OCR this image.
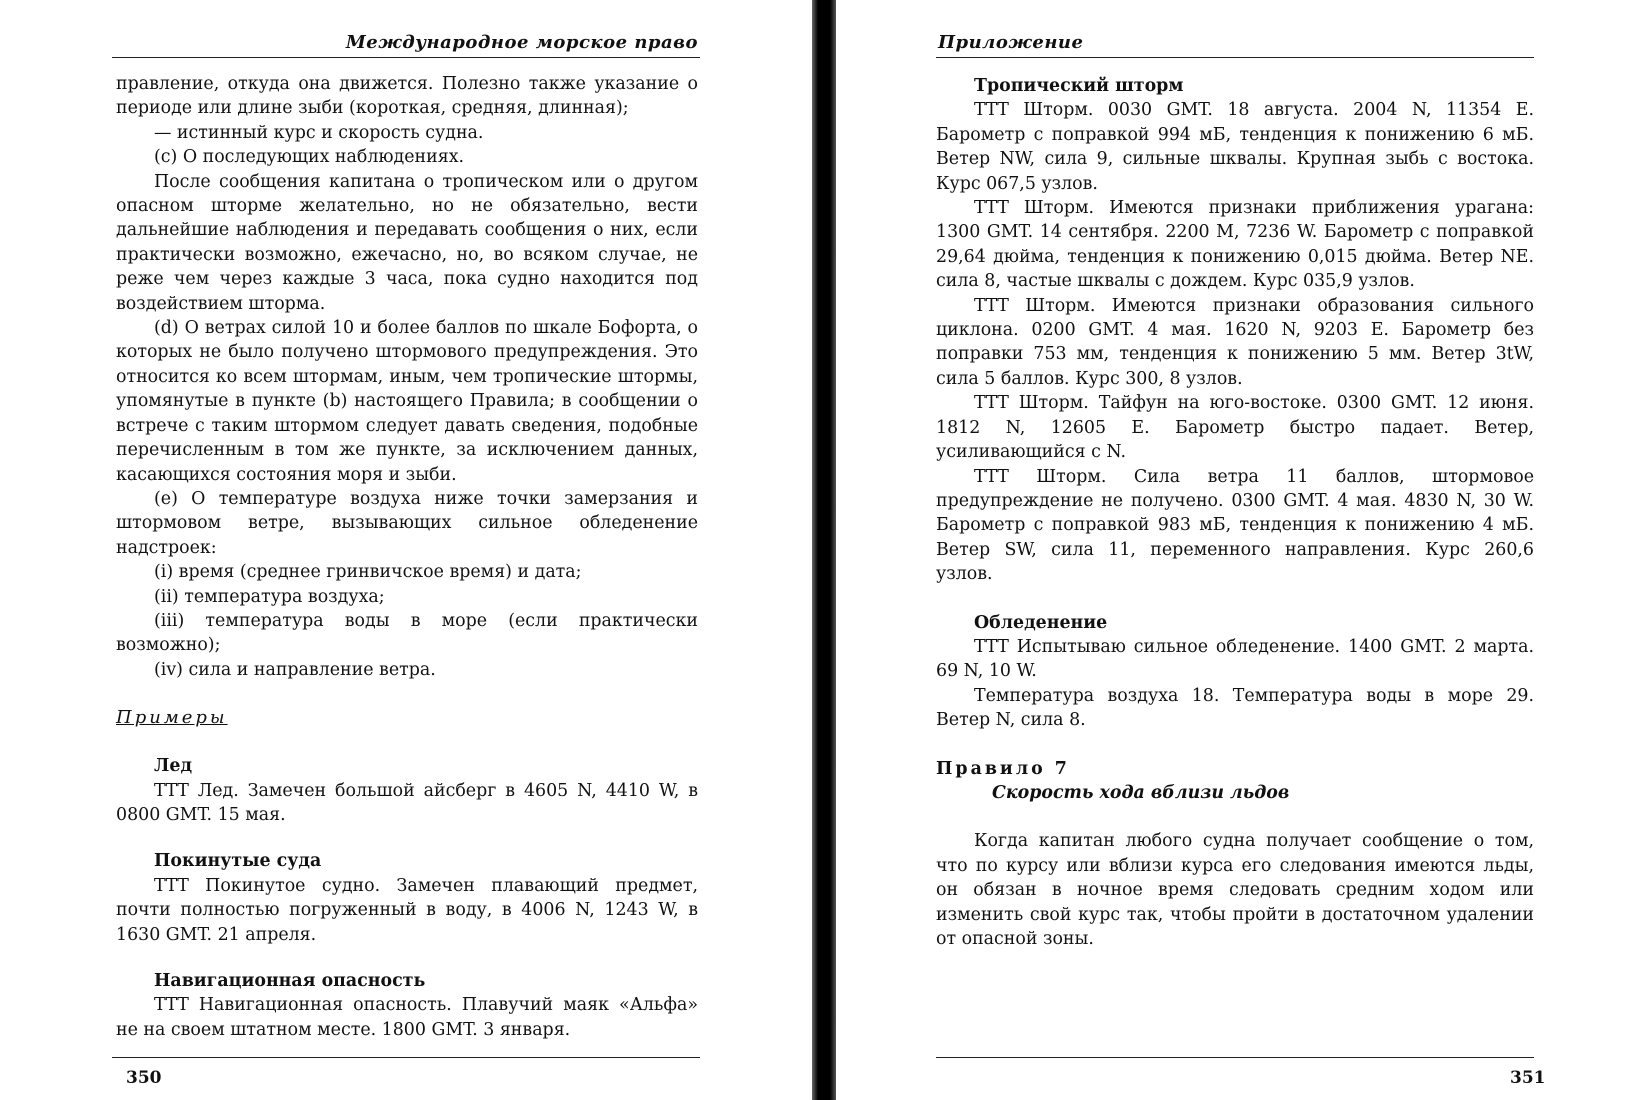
Международное морское право

правление, откуда она движется. Полезно также указание о периоде или длине зыби (короткая, средняя, длинная);

— истинный курс и скорость судна.

(с) О последующих наблюдениях.

После сообщения капитана о тропическом или о другом опасном шторме желательно, но не обязательно, вести дальнейшие наблюдения и передавать сообщения о них, если практически возможно, ежечасно, но, во всяком случае, не реже чем через каждые 3 часа, пока судно находится под воздействием шторма.

(d) О ветрах силой 10 и более баллов по шкале Бофорта, о которых не было получено штормового предупреждения. Это относится ко всем штормам, иным, чем тропические штормы, упомянутые в пункте (b) настоящего Правила; в сообщении о встрече с таким штормом следует давать сведения, подобные перечисленным в том же пункте, за исключением данных, касающихся состояния моря и зыби.

(е) О температуре воздуха ниже точки замерзания и штормовом ветре, вызывающих сильное обледенение надстроек:

(i) время (среднее гринвичское время) и дата;

(ii) температура воздуха;

(iii) температура воды в море (если практически возможно);

(iv) сила и направление ветра.

Примеры
Лед

ТТТ Лед. Замечен большой айсберг в 4605 N, 4410 W, в 0800 GMT. 15 мая.

Покинутые суда

ТТТ Покинутое судно. Замечен плавающий предмет, почти полностью погруженный в воду, в 4006 N, 1243 W, в 1630 GMT. 21 апреля.

Навигационная опасность

ТТТ Навигационная опасность. Плавучий маяк «Альфа» не на своем штатном месте. 1800 GMT. 3 января.

350
Приложение
Тропический шторм

ТТТ Шторм. 0030 GMT. 18 августа. 2004 N, 11354 E. Барометр с поправкой 994 мБ, тенденция к понижению 6 мБ. Ветер NW, сила 9, сильные шквалы. Крупная зыбь с востока. Курс 067,5 узлов.

ТТТ Шторм. Имеются признаки приближения урагана: 1300 GMT. 14 сентября. 2200 M, 7236 W. Барометр с поправкой 29,64 дюйма, тенденция к понижению 0,015 дюйма. Ветер NE. сила 8, частые шквалы с дождем. Курс 035,9 узлов.

ТТТ Шторм. Имеются признаки образования сильного циклона. 0200 GMT. 4 мая. 1620 N, 9203 E. Барометр без поправки 753 мм, тенденция к понижению 5 мм. Ветер 3tW, сила 5 баллов. Курс 300, 8 узлов.

ТТТ Шторм. Тайфун на юго-востоке. 0300 GMT. 12 июня. 1812 N, 12605 E. Барометр быстро падает. Ветер, усиливающийся с N.

ТТТ Шторм. Сила ветра 11 баллов, штормовое предупреждение не получено. 0300 GMT. 4 мая. 4830 N, 30 W. Барометр с поправкой 983 мБ, тенденция к понижению 4 мБ. Ветер SW, сила 11, переменного направления. Курс 260,6 узлов.

Обледенение

ТТТ Испытываю сильное обледенение. 1400 GMT. 2 марта. 69 N, 10 W.

Температура воздуха 18. Температура воды в море 29. Ветер N, сила 8.

Правило 7
Скорость хода вблизи льдов

Когда капитан любого судна получает сообщение о том, что по курсу или вблизи курса его следования имеются льды, он обязан в ночное время следовать средним ходом или изменить свой курс так, чтобы пройти в достаточном удалении от опасной зоны.

351
